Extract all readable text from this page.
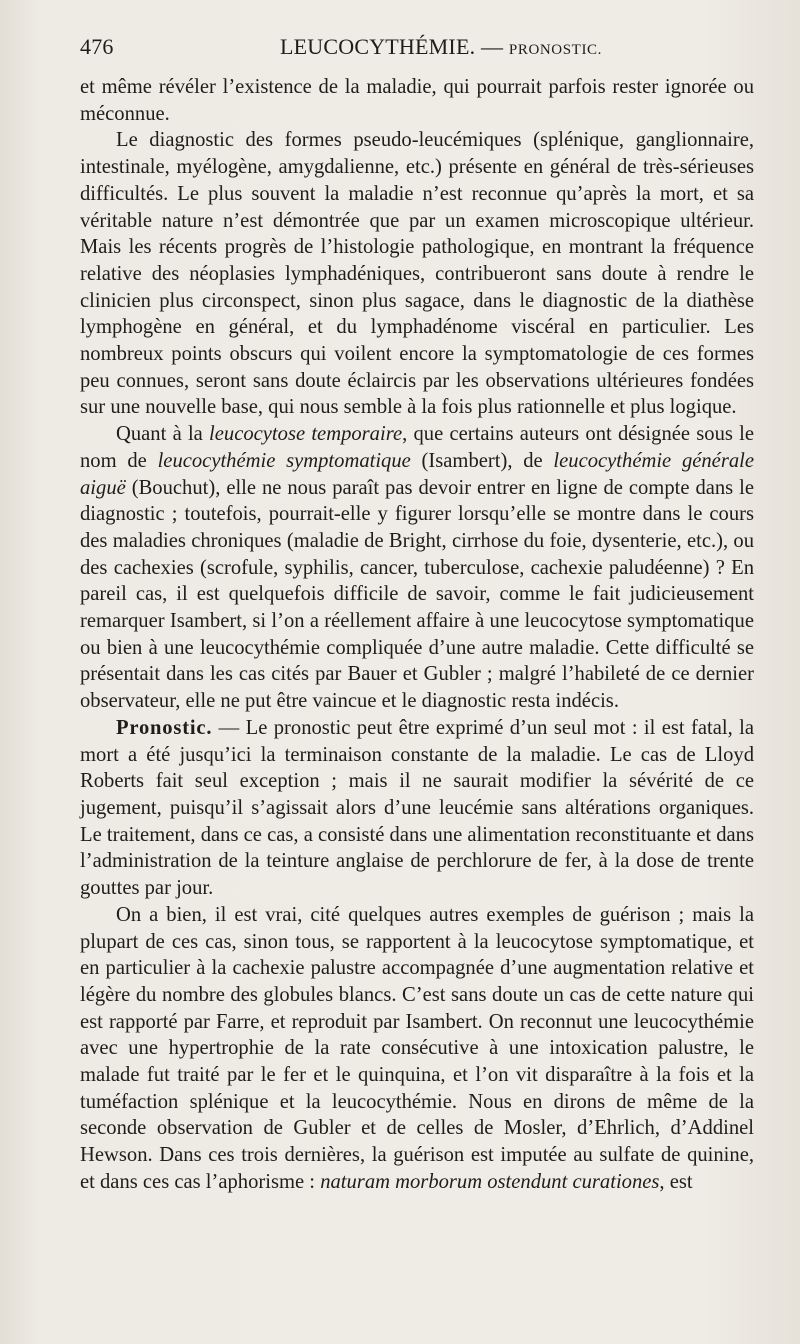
476	LEUCOCYTHÉMIE. — PRONOSTIC.

et même révéler l’existence de la maladie, qui pourrait parfois rester ignorée ou méconnue.

Le diagnostic des formes pseudo-leucémiques (splénique, ganglionnaire, intestinale, myélogène, amygdalienne, etc.) présente en général de très-sérieuses difficultés. Le plus souvent la maladie n’est reconnue qu’après la mort, et sa véritable nature n’est démontrée que par un examen microscopique ultérieur. Mais les récents progrès de l’histologie pathologique, en montrant la fréquence relative des néoplasies lymphadéniques, contribueront sans doute à rendre le clinicien plus circonspect, sinon plus sagace, dans le diagnostic de la diathèse lymphogène en général, et du lymphadénome viscéral en particulier. Les nombreux points obscurs qui voilent encore la symptomatologie de ces formes peu connues, seront sans doute éclaircis par les observations ultérieures fondées sur une nouvelle base, qui nous semble à la fois plus rationnelle et plus logique.

Quant à la leucocytose temporaire, que certains auteurs ont désignée sous le nom de leucocythémie symptomatique (Isambert), de leucocythémie générale aiguë (Bouchut), elle ne nous paraît pas devoir entrer en ligne de compte dans le diagnostic ; toutefois, pourrait-elle y figurer lorsqu’elle se montre dans le cours des maladies chroniques (maladie de Bright, cirrhose du foie, dysenterie, etc.), ou des cachexies (scrofule, syphilis, cancer, tuberculose, cachexie paludéenne) ? En pareil cas, il est quelquefois difficile de savoir, comme le fait judicieusement remarquer Isambert, si l’on a réellement affaire à une leucocytose symptomatique ou bien à une leucocythémie compliquée d’une autre maladie. Cette difficulté se présentait dans les cas cités par Bauer et Gubler ; malgré l’habileté de ce dernier observateur, elle ne put être vaincue et le diagnostic resta indécis.

Pronostic. — Le pronostic peut être exprimé d’un seul mot : il est fatal, la mort a été jusqu’ici la terminaison constante de la maladie. Le cas de Lloyd Roberts fait seul exception ; mais il ne saurait modifier la sévérité de ce jugement, puisqu’il s’agissait alors d’une leucémie sans altérations organiques. Le traitement, dans ce cas, a consisté dans une alimentation reconstituante et dans l’administration de la teinture anglaise de perchlorure de fer, à la dose de trente gouttes par jour.

On a bien, il est vrai, cité quelques autres exemples de guérison ; mais la plupart de ces cas, sinon tous, se rapportent à la leucocytose symptomatique, et en particulier à la cachexie palustre accompagnée d’une augmentation relative et légère du nombre des globules blancs. C’est sans doute un cas de cette nature qui est rapporté par Farre, et reproduit par Isambert. On reconnut une leucocythémie avec une hypertrophie de la rate consécutive à une intoxication palustre, le malade fut traité par le fer et le quinquina, et l’on vit disparaître à la fois et la tuméfaction splénique et la leucocythémie. Nous en dirons de même de la seconde observation de Gubler et de celles de Mosler, d’Ehrlich, d’Addinel Hewson. Dans ces trois dernières, la guérison est imputée au sulfate de quinine, et dans ces cas l’aphorisme : naturam morborum ostendunt curationes, est
